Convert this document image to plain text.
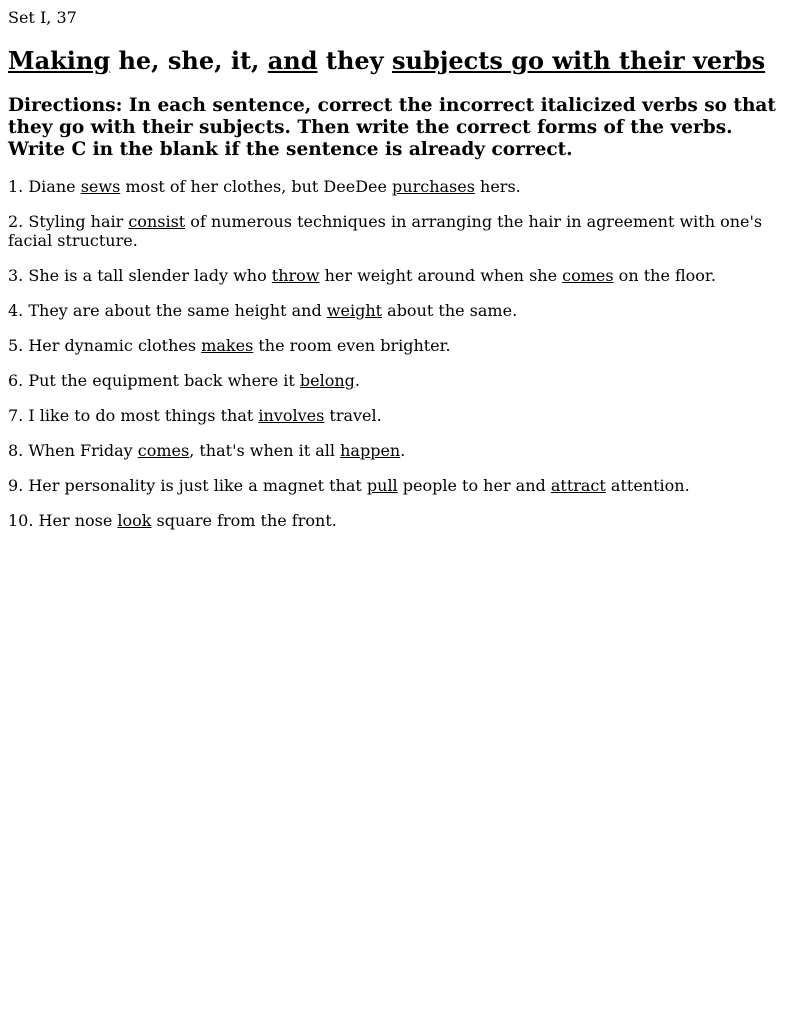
Set I, 37

Making he, she, it, and they subjects go with their verbs

Directions: In each sentence, correct the incorrect italicized verbs so that they go with their subjects. Then write the correct forms of the verbs. Write C in the blank if the sentence is already correct.

1. Diane sews most of her clothes, but DeeDee purchases hers.
2. Styling hair consist of numerous techniques in arranging the hair in agreement with one's facial structure.
3. She is a tall slender lady who throw her weight around when she comes on the floor.
4. They are about the same height and weight about the same.
5. Her dynamic clothes makes the room even brighter.
6. Put the equipment back where it belong.
7. I like to do most things that involves travel.
8. When Friday comes, that's when it all happen.
9. Her personality is just like a magnet that pull people to her and attract attention.
10. Her nose look square from the front.
